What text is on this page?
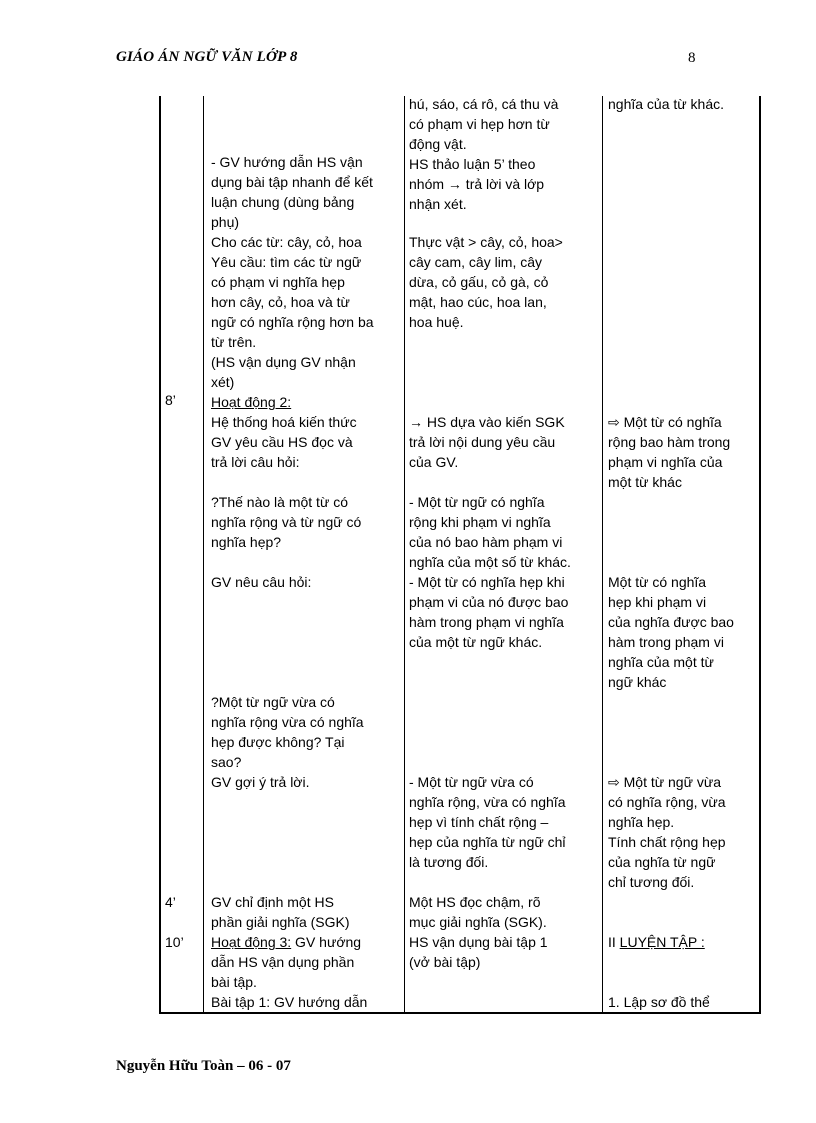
GIÁO ÁN NGỮ VĂN LỚP 8	8
8’
4’
10’
- GV hướng dẫn HS vận
dụng bài tập nhanh để kết
luận chung (dùng bảng
phụ)
Cho các từ: cây, cỏ, hoa
Yêu cầu: tìm các từ ngữ
có phạm vi nghĩa hẹp
hơn cây, cỏ, hoa và từ
ngữ có nghĩa rộng hơn ba
từ trên.
(HS vận dụng GV nhận
xét)
Hoạt động 2:
Hệ thống hoá kiến thức
GV yêu cầu HS đọc và
trả lời câu hỏi:
?Thế nào là một từ có
nghĩa rộng và từ ngữ có
nghĩa hẹp?
GV nêu câu hỏi:
?Một từ ngữ vừa có
nghĩa rộng vừa có nghĩa
hẹp được không? Tại
sao?
GV gợi ý trả lời.
GV chỉ định một HS
phần giải nghĩa (SGK)
Hoạt động 3: GV hướng
dẫn HS vận dụng phần
bài tập.
Bài tập 1: GV hướng dẫn
hú, sáo, cá rô, cá thu và
có phạm vi hẹp hơn từ
động vật.
HS thảo luận 5’ theo
nhóm → trả lời và lớp
nhận xét.
Thực vật > cây, cỏ, hoa>
cây cam, cây lim, cây
dừa, cỏ gấu, cỏ gà, cỏ
mật, hao cúc, hoa lan,
hoa huệ.
→ HS dựa vào kiến SGK
trả lời nội dung yêu cầu
của GV.
- Một từ ngữ có nghĩa
rộng khi phạm vi nghĩa
của nó bao hàm phạm vi
nghĩa của một số từ khác.
- Một từ có nghĩa hẹp khi
phạm vi của nó được bao
hàm trong phạm vi nghĩa
của một từ ngữ khác.
- Một từ ngữ vừa có
nghĩa rộng, vừa có nghĩa
hẹp vì tính chất rộng –
hẹp của nghĩa từ ngữ chỉ
là tương đối.
Một HS đọc chậm, rõ
mục giải nghĩa (SGK).
HS vận dụng bài tập 1
(vở bài tập)
nghĩa của từ khác.
⇨ Một từ có nghĩa
rộng bao hàm trong
phạm vi nghĩa của
một từ khác
Một từ có nghĩa
hẹp khi phạm vi
của nghĩa được bao
hàm trong phạm vi
nghĩa của một từ
ngữ khác
⇨ Một từ ngữ vừa
có nghĩa rộng, vừa
nghĩa hẹp.
Tính chất rộng hẹp
của nghĩa từ ngữ
chỉ tương đối.
II LUYỆN TẬP :
1. Lập sơ đồ thể
Nguyễn Hữu Toàn – 06 - 07
